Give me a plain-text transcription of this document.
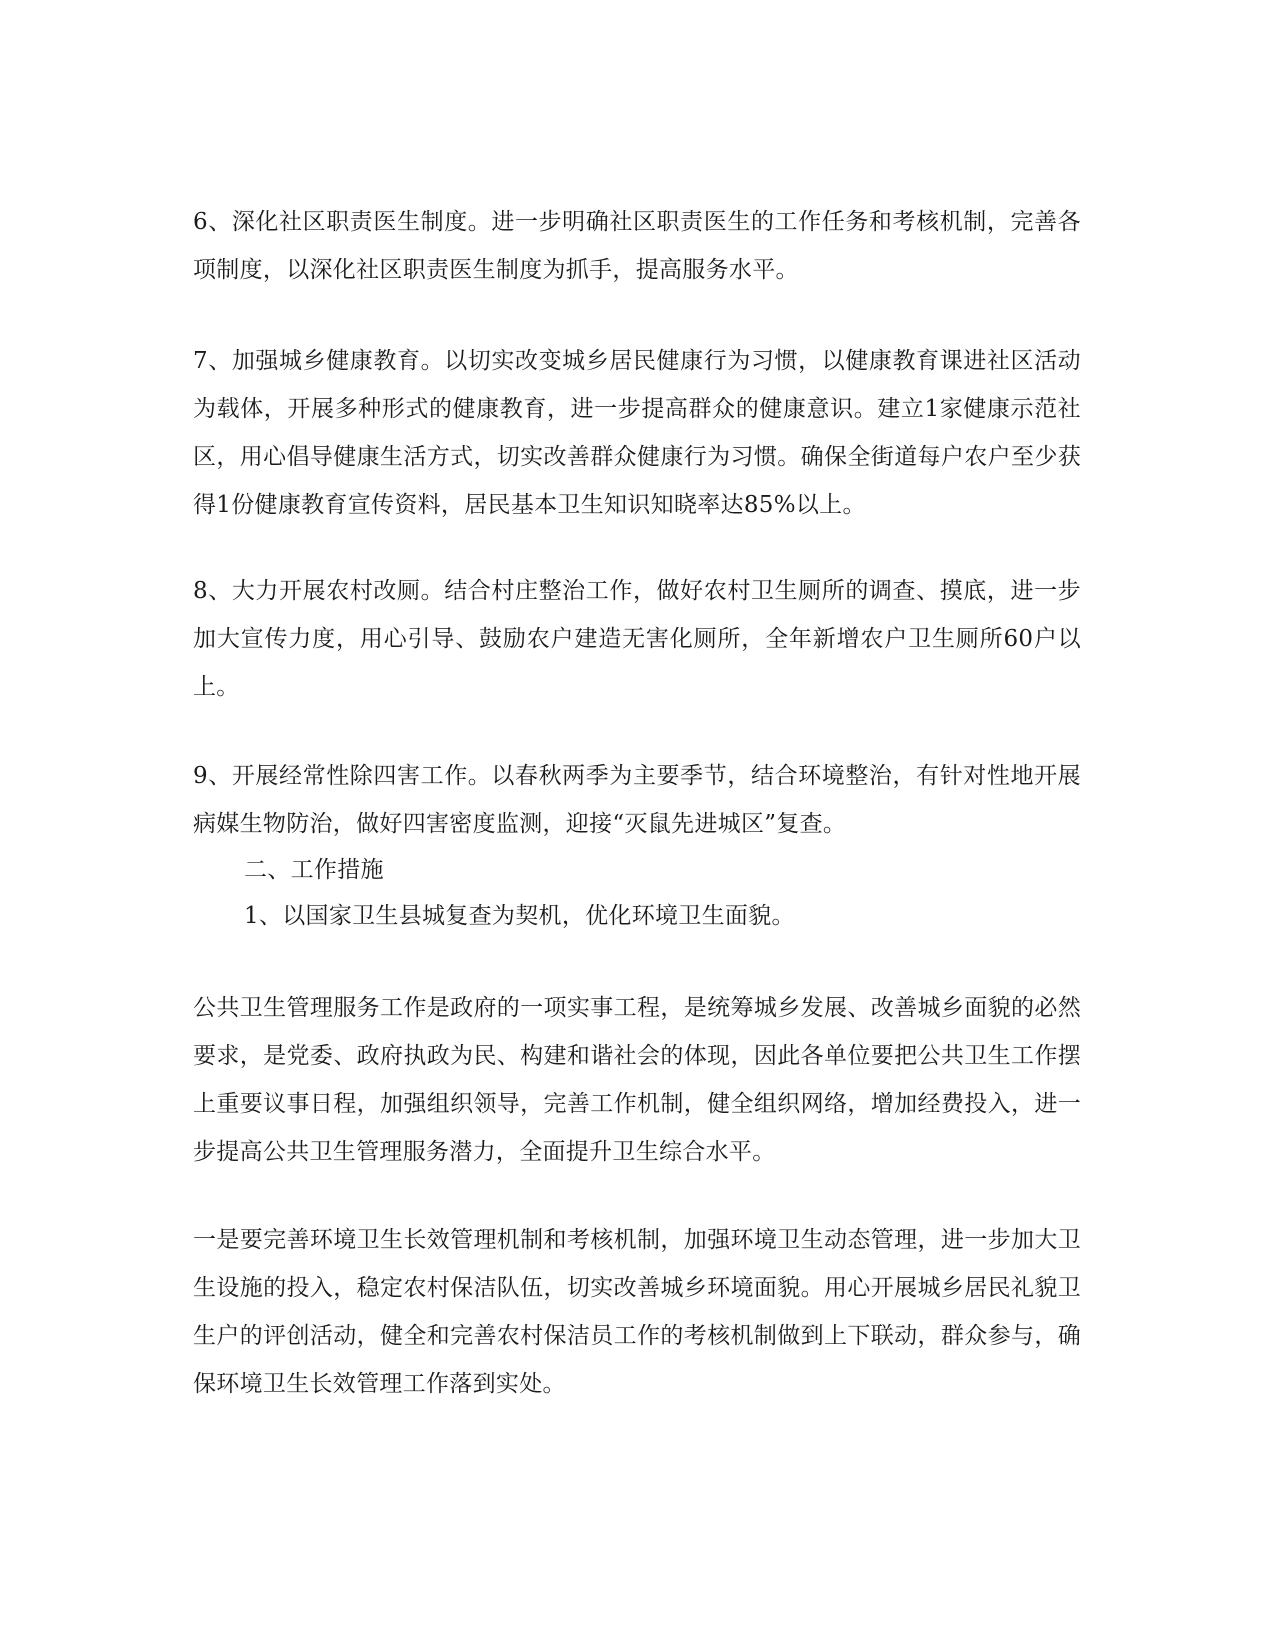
6、深化社区职责医生制度。进一步明确社区职责医生的工作任务和考核机制，完善各项制度，以深化社区职责医生制度为抓手，提高服务水平。

7、加强城乡健康教育。以切实改变城乡居民健康行为习惯，以健康教育课进社区活动为载体，开展多种形式的健康教育，进一步提高群众的健康意识。建立1家健康示范社区，用心倡导健康生活方式，切实改善群众健康行为习惯。确保全街道每户农户至少获得1份健康教育宣传资料，居民基本卫生知识知晓率达85%以上。

8、大力开展农村改厕。结合村庄整治工作，做好农村卫生厕所的调查、摸底，进一步加大宣传力度，用心引导、鼓励农户建造无害化厕所，全年新增农户卫生厕所60户以上。

9、开展经常性除四害工作。以春秋两季为主要季节，结合环境整治，有针对性地开展病媒生物防治，做好四害密度监测，迎接“灭鼠先进城区”复查。

二、工作措施

1、以国家卫生县城复查为契机，优化环境卫生面貌。

公共卫生管理服务工作是政府的一项实事工程，是统筹城乡发展、改善城乡面貌的必然要求，是党委、政府执政为民、构建和谐社会的体现，因此各单位要把公共卫生工作摆上重要议事日程，加强组织领导，完善工作机制，健全组织网络，增加经费投入，进一步提高公共卫生管理服务潜力，全面提升卫生综合水平。

一是要完善环境卫生长效管理机制和考核机制，加强环境卫生动态管理，进一步加大卫生设施的投入，稳定农村保洁队伍，切实改善城乡环境面貌。用心开展城乡居民礼貌卫生户的评创活动，健全和完善农村保洁员工作的考核机制做到上下联动，群众参与，确保环境卫生长效管理工作落到实处。
